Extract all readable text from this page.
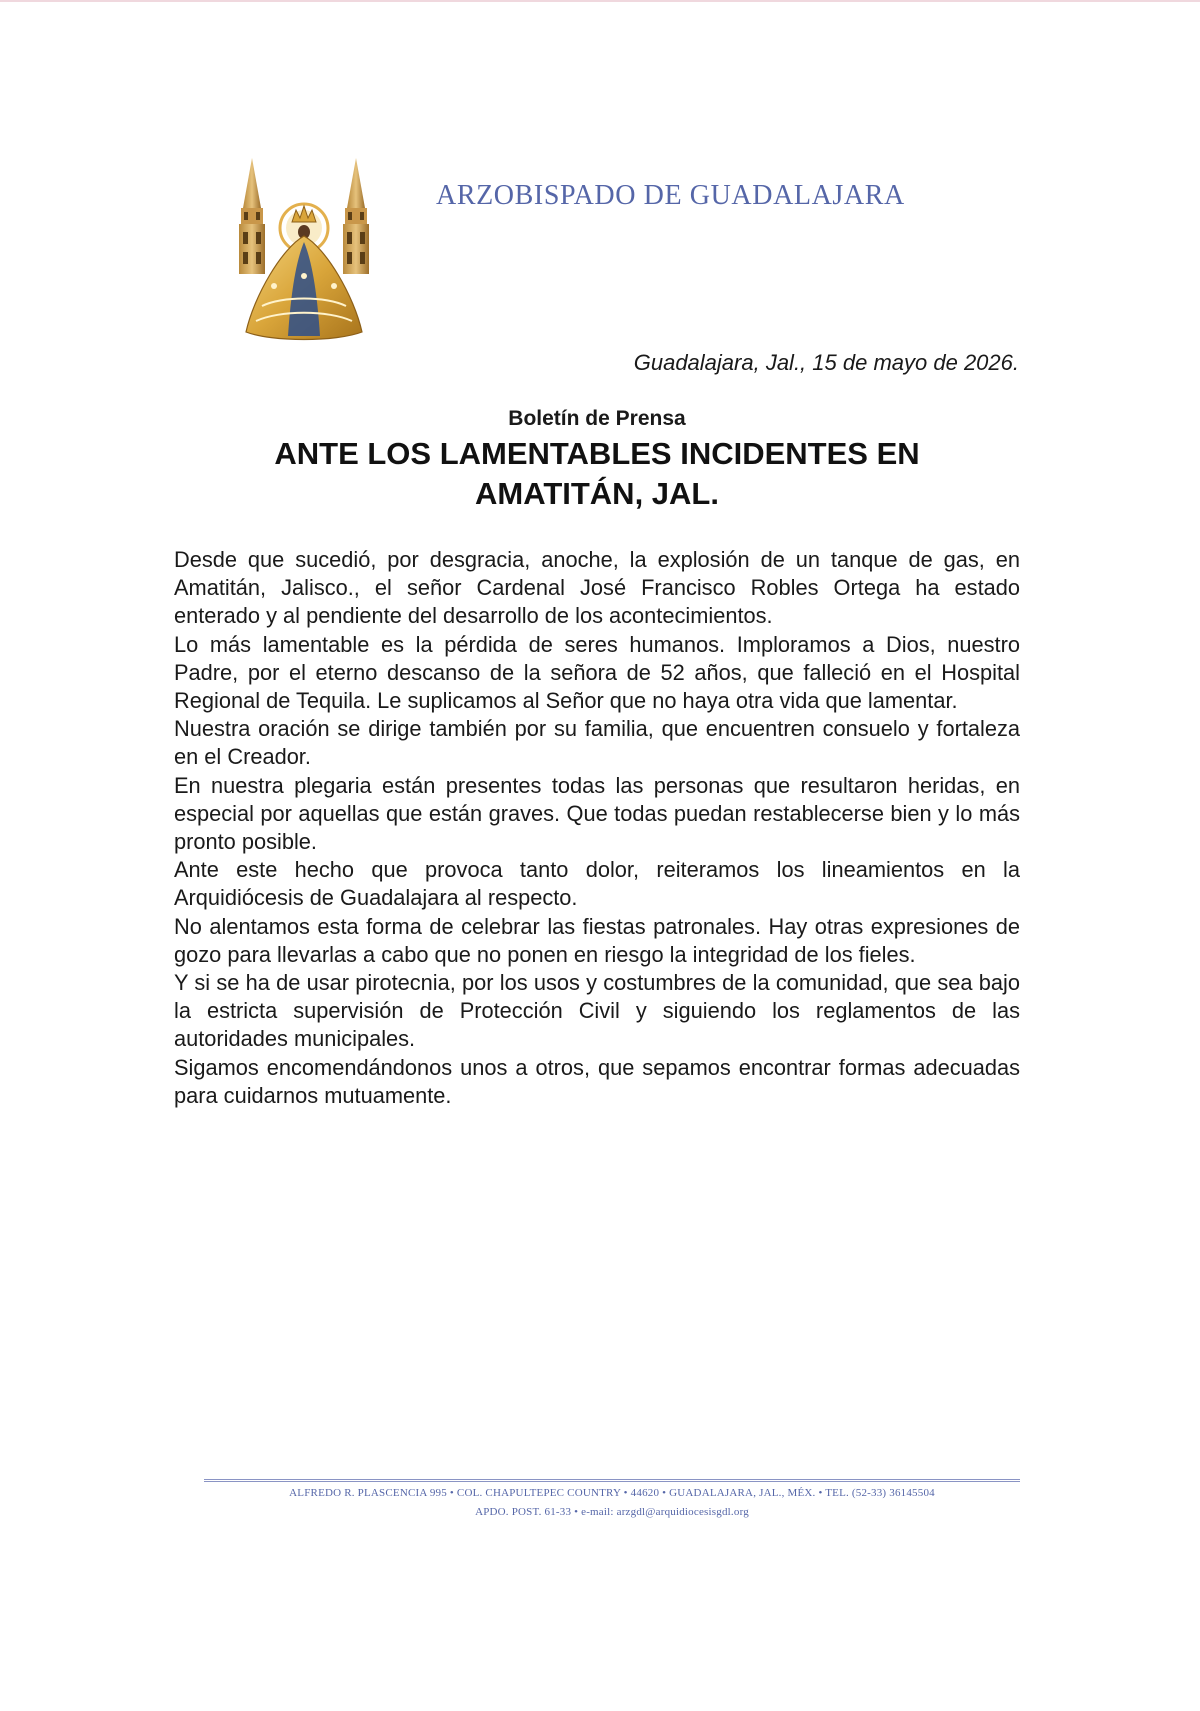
ARZOBISPADO DE GUADALAJARA
Guadalajara, Jal., 15 de mayo de 2026.
Boletín de Prensa
ANTE LOS LAMENTABLES INCIDENTES EN
AMATITÁN, JAL.

Desde que sucedió, por desgracia, anoche, la explosión de un tanque de gas, en Amatitán, Jalisco., el señor Cardenal José Francisco Robles Ortega ha estado enterado y al pendiente del desarrollo de los acontecimientos.

Lo más lamentable es la pérdida de seres humanos. Imploramos a Dios, nuestro Padre, por el eterno descanso de la señora de 52 años, que falleció en el Hospital Regional de Tequila. Le suplicamos al Señor que no haya otra vida que lamentar.

Nuestra oración se dirige también por su familia, que encuentren consuelo y fortaleza en el Creador.

En nuestra plegaria están presentes todas las personas que resultaron heridas, en especial por aquellas que están graves. Que todas puedan restablecerse bien y lo más pronto posible.

Ante este hecho que provoca tanto dolor, reiteramos los lineamientos en la Arquidiócesis de Guadalajara al respecto.

No alentamos esta forma de celebrar las fiestas patronales. Hay otras expresiones de gozo para llevarlas a cabo que no ponen en riesgo la integridad de los fieles.

Y si se ha de usar pirotecnia, por los usos y costumbres de la comunidad, que sea bajo la estricta supervisión de Protección Civil y siguiendo los reglamentos de las autoridades municipales.

Sigamos encomendándonos unos a otros, que sepamos encontrar formas adecuadas para cuidarnos mutuamente.

ALFREDO R. PLASCENCIA 995 • COL. CHAPULTEPEC COUNTRY • 44620 • GUADALAJARA, JAL., MÉX. • TEL. (52-33) 36145504
APDO. POST. 61-33 • e-mail: arzgdl@arquidiocesisgdl.org
